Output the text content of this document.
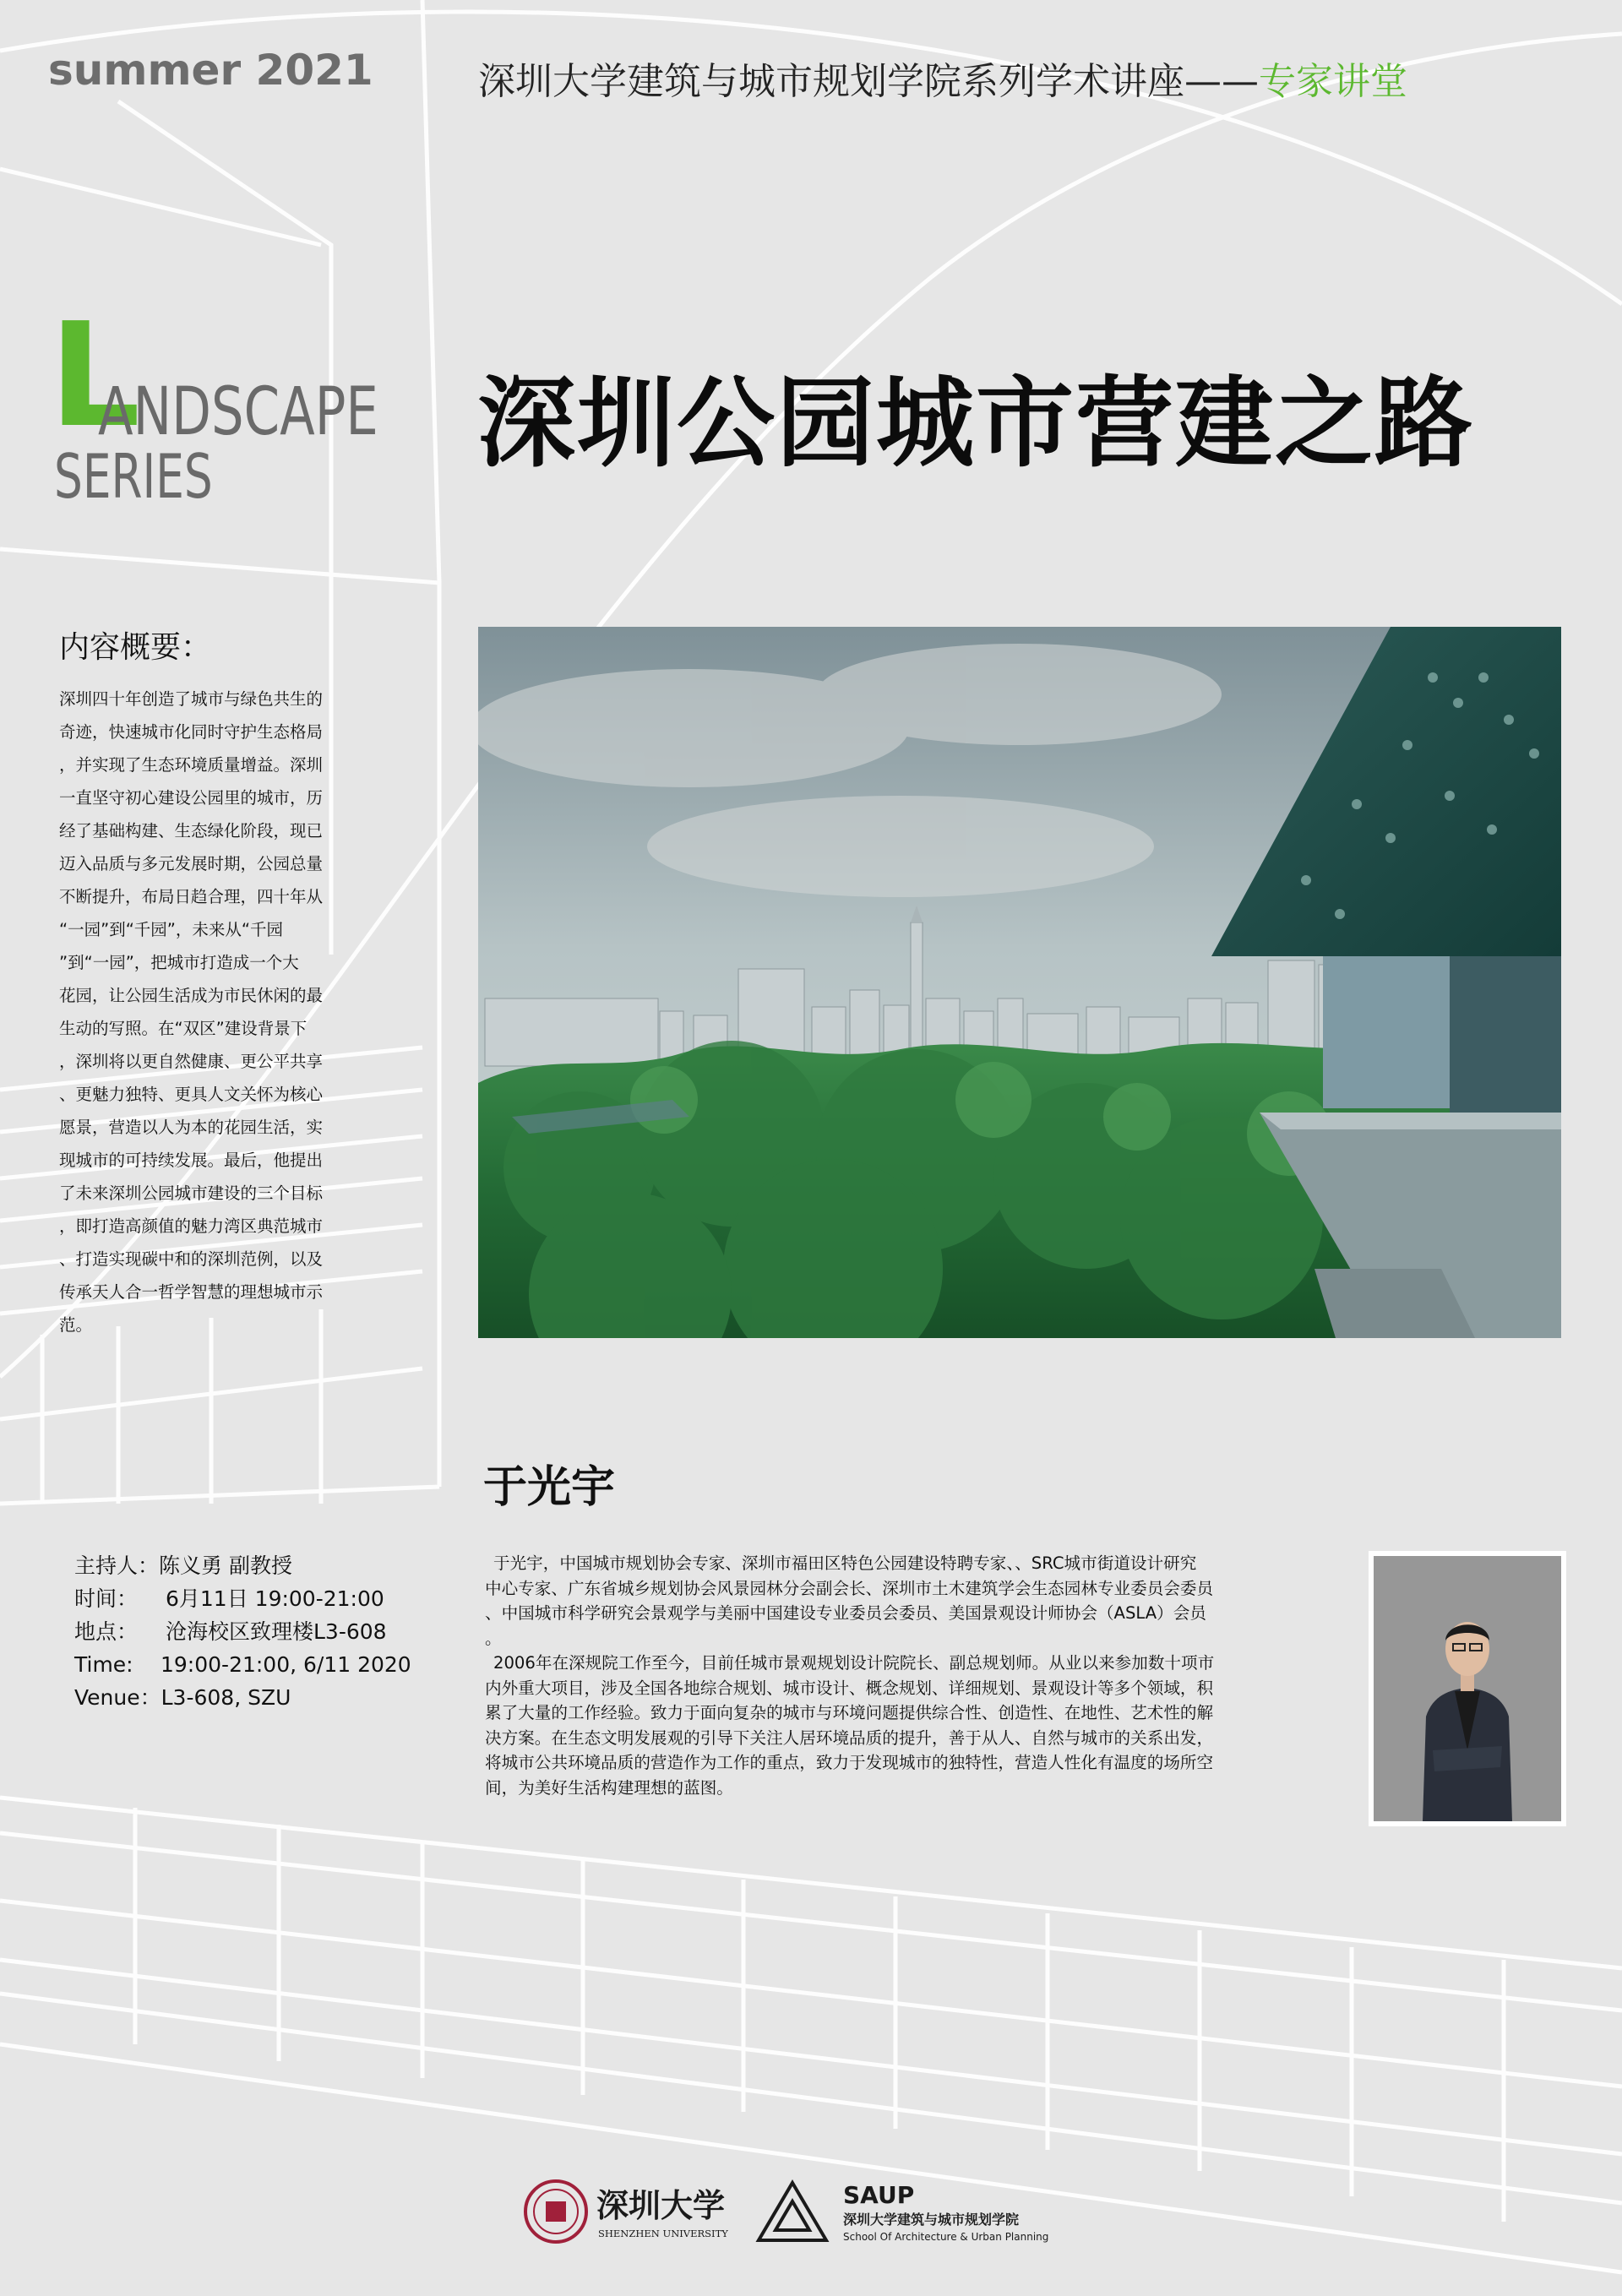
summer 2021	深圳大学建筑与城市规划学院系列学术讲座——专家讲堂
L
ANDSCAPE
SERIES	深圳公园城市营建之路
内容概要：
深圳四十年创造了城市与绿色共生的
奇迹，快速城市化同时守护生态格局
，并实现了生态环境质量增益。深圳
一直坚守初心建设公园里的城市，历
经了基础构建、生态绿化阶段，现已
迈入品质与多元发展时期，公园总量
不断提升，布局日趋合理，四十年从
“一园”到“千园”，未来从“千园
”到“一园”，把城市打造成一个大
花园，让公园生活成为市民休闲的最
生动的写照。在“双区”建设背景下
，深圳将以更自然健康、更公平共享
、更魅力独特、更具人文关怀为核心
愿景，营造以人为本的花园生活，实
现城市的可持续发展。最后，他提出
了未来深圳公园城市建设的三个目标
，即打造高颜值的魅力湾区典范城市
、打造实现碳中和的深圳范例，以及
传承天人合一哲学智慧的理想城市示
范。
于光宇
于光宇，中国城市规划协会专家、深圳市福田区特色公园建设特聘专家、、SRC城市街道设计研究
中心专家、广东省城乡规划协会风景园林分会副会长、深圳市土木建筑学会生态园林专业委员会委员
、中国城市科学研究会景观学与美丽中国建设专业委员会委员、美国景观设计师协会（ASLA）会员
。
2006年在深规院工作至今，目前任城市景观规划设计院院长、副总规划师。从业以来参加数十项市
内外重大项目，涉及全国各地综合规划、城市设计、概念规划、详细规划、景观设计等多个领域，积
累了大量的工作经验。致力于面向复杂的城市与环境问题提供综合性、创造性、在地性、艺术性的解
决方案。在生态文明发展观的引导下关注人居环境品质的提升，善于从人、自然与城市的关系出发，
将城市公共环境品质的营造作为工作的重点，致力于发现城市的独特性，营造人性化有温度的场所空
间，为美好生活构建理想的蓝图。
主持人： 陈义勇 副教授
时间：	6月11日 19:00-21:00
地点：	沧海校区致理楼L3-608
Time:	19:00-21:00, 6/11 2020
Venue： L3-608, SZU
深圳大学
SHENZHEN UNIVERSITY
SAUP
深圳大学建筑与城市规划学院
School Of Architecture & Urban Planning
